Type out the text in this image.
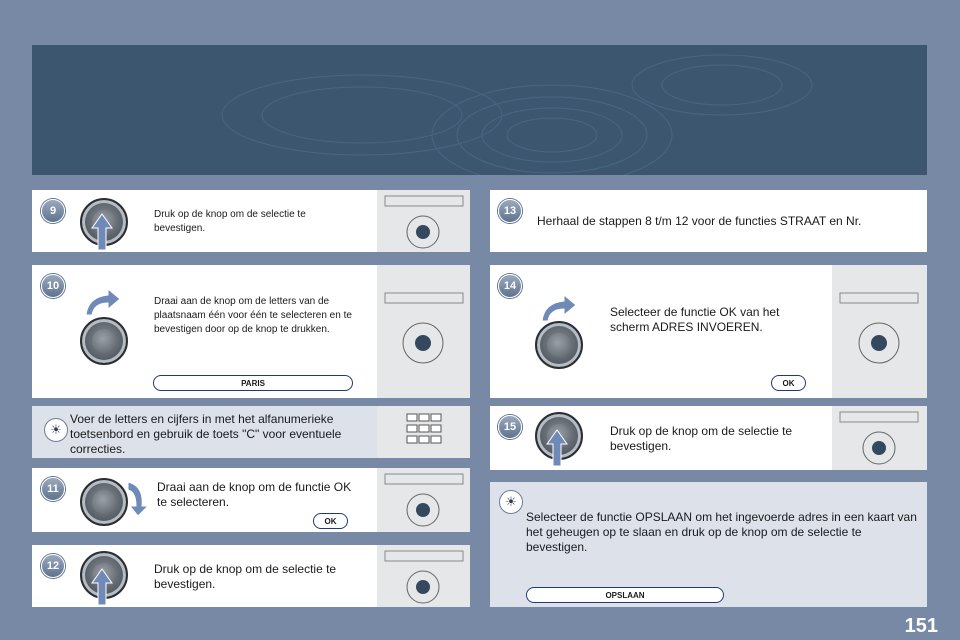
9	Druk op de knop om de selectie te bevestigen.
10
Draai aan de knop om de letters van de plaatsnaam één voor één te selecteren en te bevestigen door op de knop te drukken.
PARIS
☀
Voer de letters en cijfers in met het alfanumerieke toetsenbord en gebruik de toets "C" voor eventuele correcties.
11	Draai aan de knop om de functie OK te selecteren.
OK
12	Druk op de knop om de selectie te bevestigen.
13
Herhaal de stappen 8 t/m 12 voor de functies STRAAT en Nr.
14
Selecteer de functie OK van het scherm ADRES INVOEREN.
OK
15	Druk op de knop om de selectie te bevestigen.
☀
Selecteer de functie OPSLAAN om het ingevoerde adres in een kaart van het geheugen op te slaan en druk op de knop om de selectie te bevestigen.
OPSLAAN
151
